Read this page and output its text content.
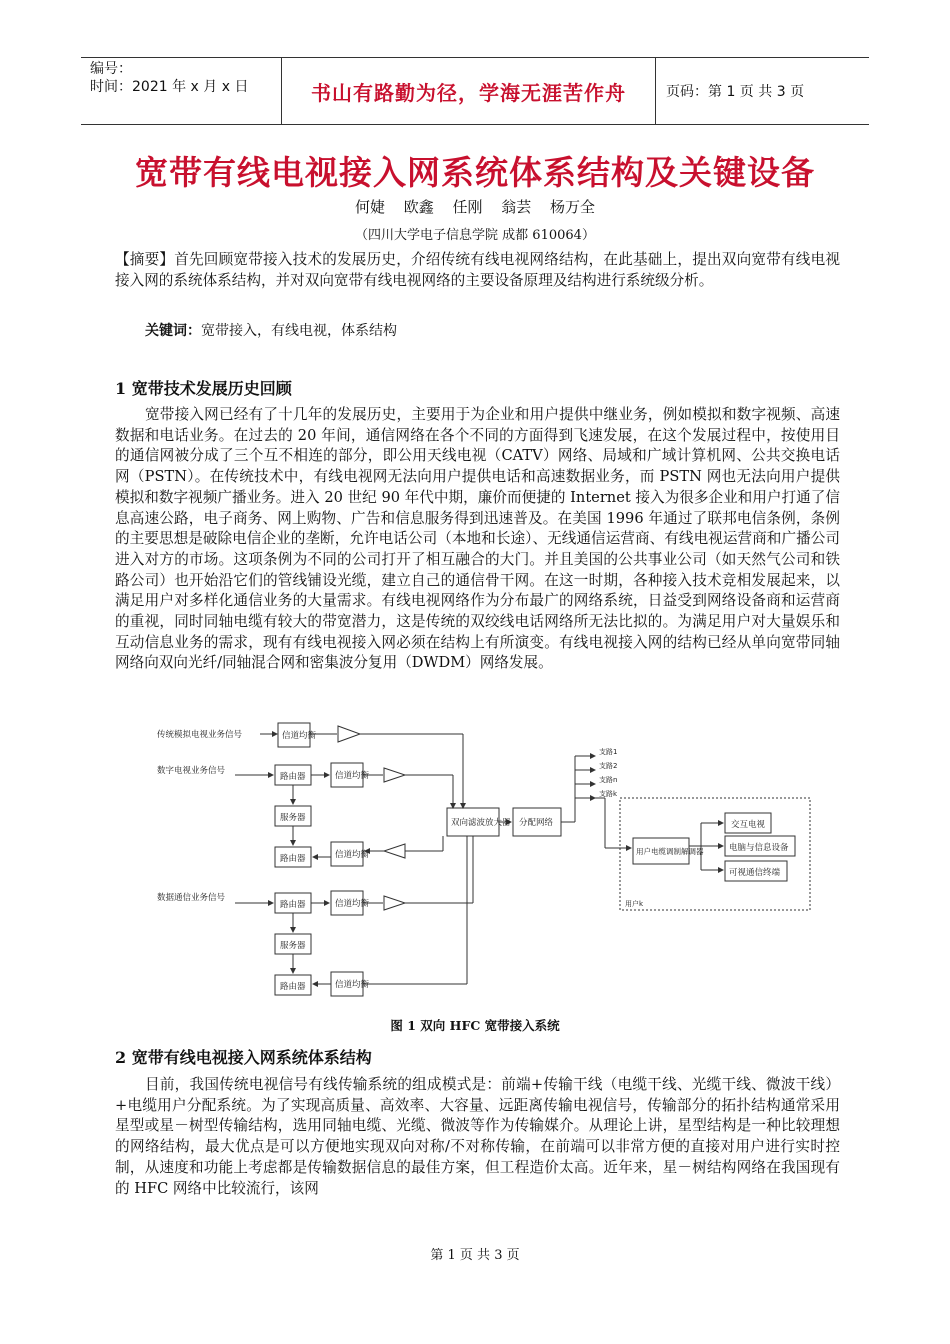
编号：
时间：2021 年 x 月 x 日	书山有路勤为径，学海无涯苦作舟	页码：第 1 页 共 3 页
宽带有线电视接入网系统体系结构及关键设备
何婕 欧鑫 任刚 翁芸 杨万全
（四川大学电子信息学院 成都 610064）

【摘要】首先回顾宽带接入技术的发展历史，介绍传统有线电视网络结构，在此基础上，提出双向宽带有线电视接入网的系统体系结构，并对双向宽带有线电视网络的主要设备原理及结构进行系统级分析。

关键词：宽带接入，有线电视，体系结构
1 宽带技术发展历史回顾

宽带接入网已经有了十几年的发展历史，主要用于为企业和用户提供中继业务，例如模拟和数字视频、高速数据和电话业务。在过去的 20 年间，通信网络在各个不同的方面得到飞速发展，在这个发展过程中，按使用目的通信网被分成了三个互不相连的部分，即公用天线电视（CATV）网络、局域和广域计算机网、公共交换电话网（PSTN）。在传统技术中，有线电视网无法向用户提供电话和高速数据业务，而 PSTN 网也无法向用户提供模拟和数字视频广播业务。进入 20 世纪 90 年代中期，廉价而便捷的 Internet 接入为很多企业和用户打通了信息高速公路，电子商务、网上购物、广告和信息服务得到迅速普及。在美国 1996 年通过了联邦电信条例，条例的主要思想是破除电信企业的垄断，允许电话公司（本地和长途）、无线通信运营商、有线电视运营商和广播公司进入对方的市场。这项条例为不同的公司打开了相互融合的大门。并且美国的公共事业公司（如天然气公司和铁路公司）也开始沿它们的管线铺设光缆，建立自己的通信骨干网。在这一时期，各种接入技术竞相发展起来，以满足用户对多样化通信业务的大量需求。有线电视网络作为分布最广的网络系统，日益受到网络设备商和运营商的重视，同时同轴电缆有较大的带宽潜力，这是传统的双绞线电话网络所无法比拟的。为满足用户对大量娱乐和互动信息业务的需求，现有有线电视接入网必须在结构上有所演变。有线电视接入网的结构已经从单向宽带同轴网络向双向光纤/同轴混合网和密集波分复用（DWDM）网络发展。

传统模拟电视业务信号
数字电视业务信号
数据通信业务信号
信道均衡
路由器	信道均衡
服务器
路由器	信道均衡
路由器	信道均衡
服务器
路由器	信道均衡
双向滤波放大器 分配网络
支路1
支路2
支路n
支路k
用户电缆调制解调器
交互电视
电脑与信息设备
可视通信终端
用户k
图 1 双向 HFC 宽带接入系统
2 宽带有线电视接入网系统体系结构

目前，我国传统电视信号有线传输系统的组成模式是：前端+传输干线（电缆干线、光缆干线、微波干线）+电缆用户分配系统。为了实现高质量、高效率、大容量、远距离传输电视信号，传输部分的拓扑结构通常采用星型或星－树型传输结构，选用同轴电缆、光缆、微波等作为传输媒介。从理论上讲，星型结构是一种比较理想的网络结构，最大优点是可以方便地实现双向对称/不对称传输，在前端可以非常方便的直接对用户进行实时控制，从速度和功能上考虑都是传输数据信息的最佳方案，但工程造价太高。近年来，星－树结构网络在我国现有的 HFC 网络中比较流行，该网

第 1 页 共 3 页
